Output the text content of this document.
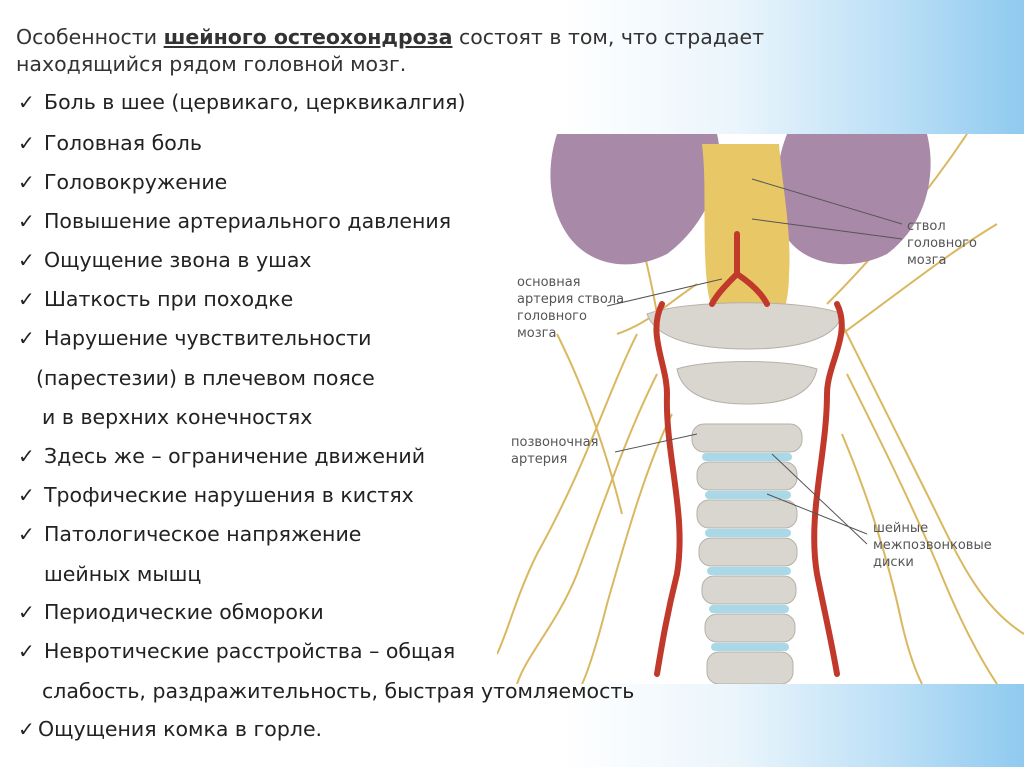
Особенности шейного остеохондроза состоят в том, что страдает
находящийся рядом головной мозг.
ствол
головного
мозга
основная
артерия ствола
головного
мозга
позвоночная
артерия
шейные
межпозвонковые
диски
✓ Боль в шее (цервикаго, церквикалгия)
✓ Головная боль
✓ Головокружение
✓ Повышение артериального давления
✓ Ощущение звона в ушах
✓ Шаткость при походке
✓ Нарушение чувствительности
(парестезии) в плечевом поясе
и в верхних конечностях
✓ Здесь же – ограничение движений
✓ Трофические нарушения в кистях
✓ Патологическое напряжение
шейных мышц
✓ Периодические обмороки
✓ Невротические расстройства – общая
слабость, раздражительность, быстрая утомляемость
✓ Ощущения комка в горле.
